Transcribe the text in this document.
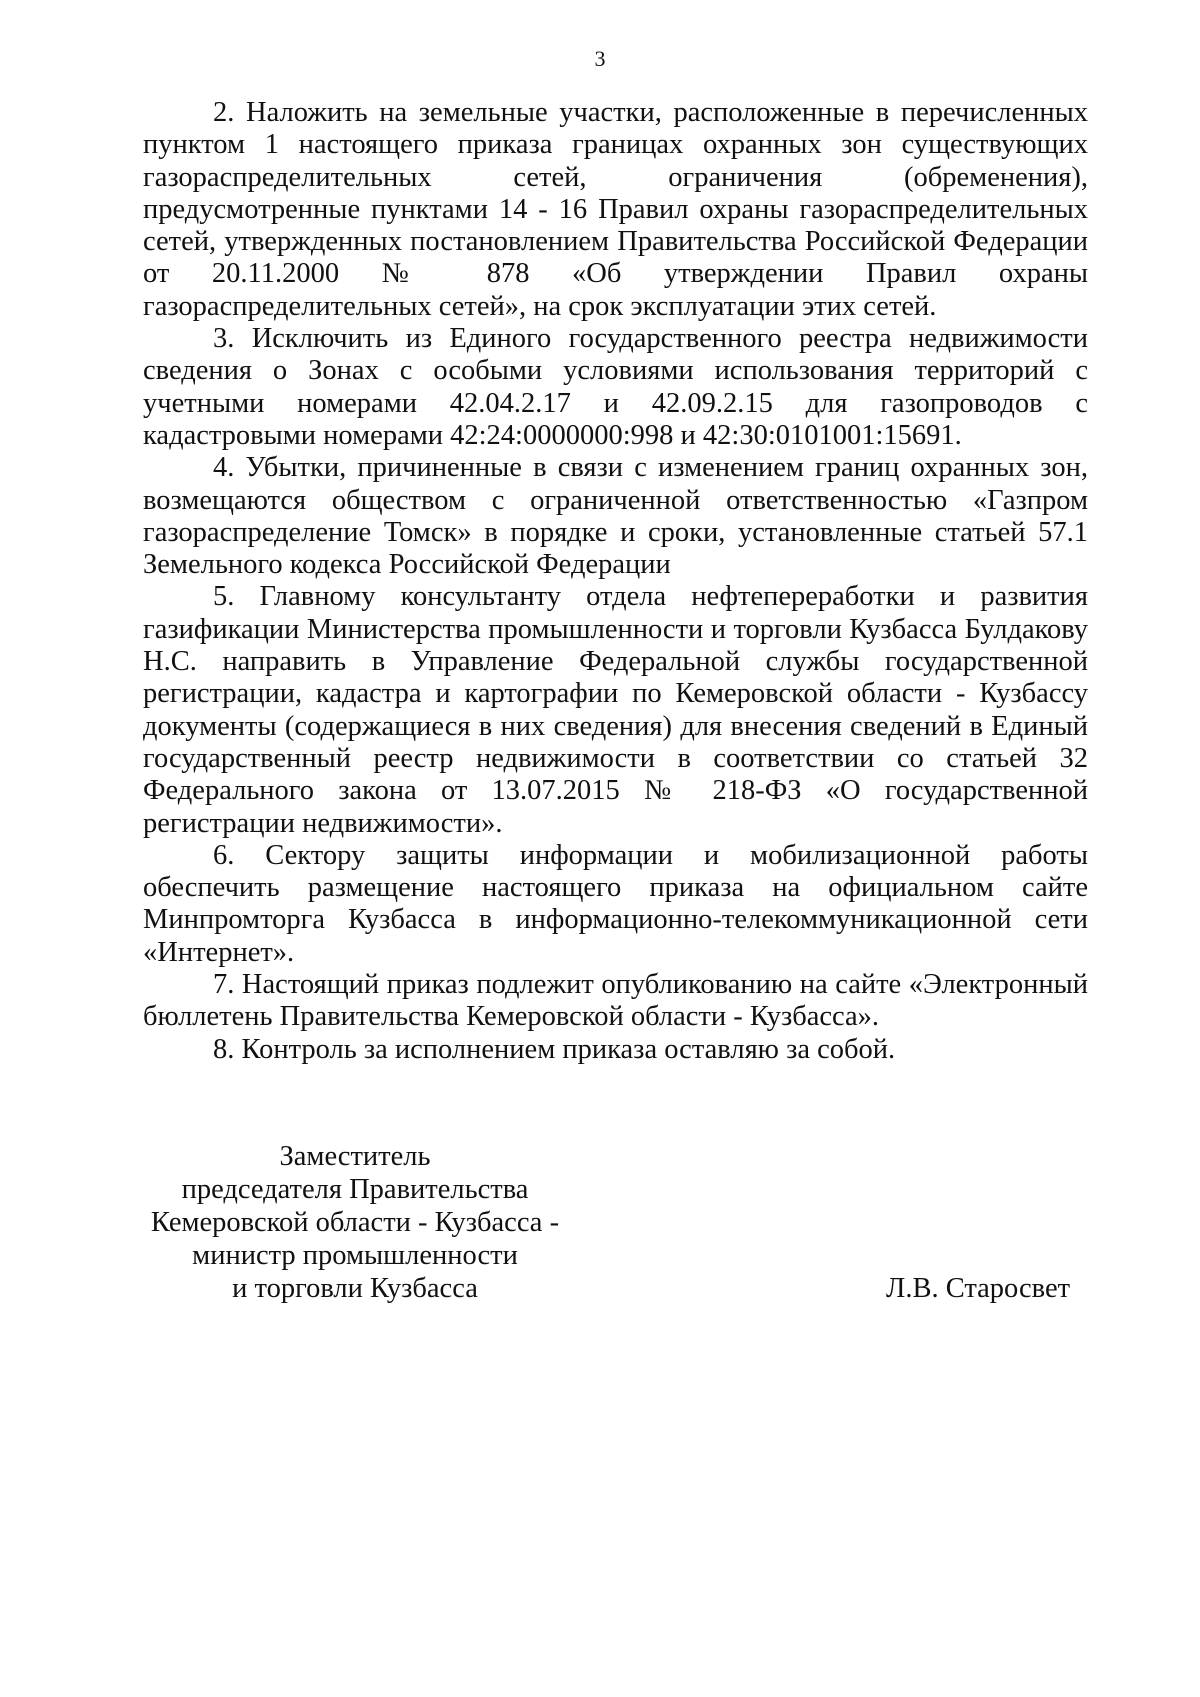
3

2. Наложить на земельные участки, расположенные в перечисленных пунктом 1 настоящего приказа границах охранных зон существующих газораспределительных сетей, ограничения (обременения), предусмотренные пунктами 14 - 16 Правил охраны газораспределительных сетей, утвержденных постановлением Правительства Российской Федерации от 20.11.2000 № 878 «Об утверждении Правил охраны газораспределительных сетей», на срок эксплуатации этих сетей.

3. Исключить из Единого государственного реестра недвижимости сведения о Зонах с особыми условиями использования территорий с учетными номерами 42.04.2.17 и 42.09.2.15 для газопроводов с кадастровыми номерами 42:24:0000000:998 и 42:30:0101001:15691.

4. Убытки, причиненные в связи с изменением границ охранных зон, возмещаются обществом с ограниченной ответственностью «Газпром газораспределение Томск» в порядке и сроки, установленные статьей 57.1 Земельного кодекса Российской Федерации

5. Главному консультанту отдела нефтепереработки и развития газификации Министерства промышленности и торговли Кузбасса Булдакову Н.С. направить в Управление Федеральной службы государственной регистрации, кадастра и картографии по Кемеровской области - Кузбассу документы (содержащиеся в них сведения) для внесения сведений в Единый государственный реестр недвижимости в соответствии со статьей 32 Федерального закона от 13.07.2015 № 218-ФЗ «О государственной регистрации недвижимости».

6. Сектору защиты информации и мобилизационной работы обеспечить размещение настоящего приказа на официальном сайте Минпромторга Кузбасса в информационно-телекоммуникационной сети «Интернет».

7. Настоящий приказ подлежит опубликованию на сайте «Электронный бюллетень Правительства Кемеровской области - Кузбасса».

8. Контроль за исполнением приказа оставляю за собой.

Заместитель
председателя Правительства
Кемеровской области - Кузбасса -
министр промышленности
и торговли Кузбасса	Л.В. Старосвет
